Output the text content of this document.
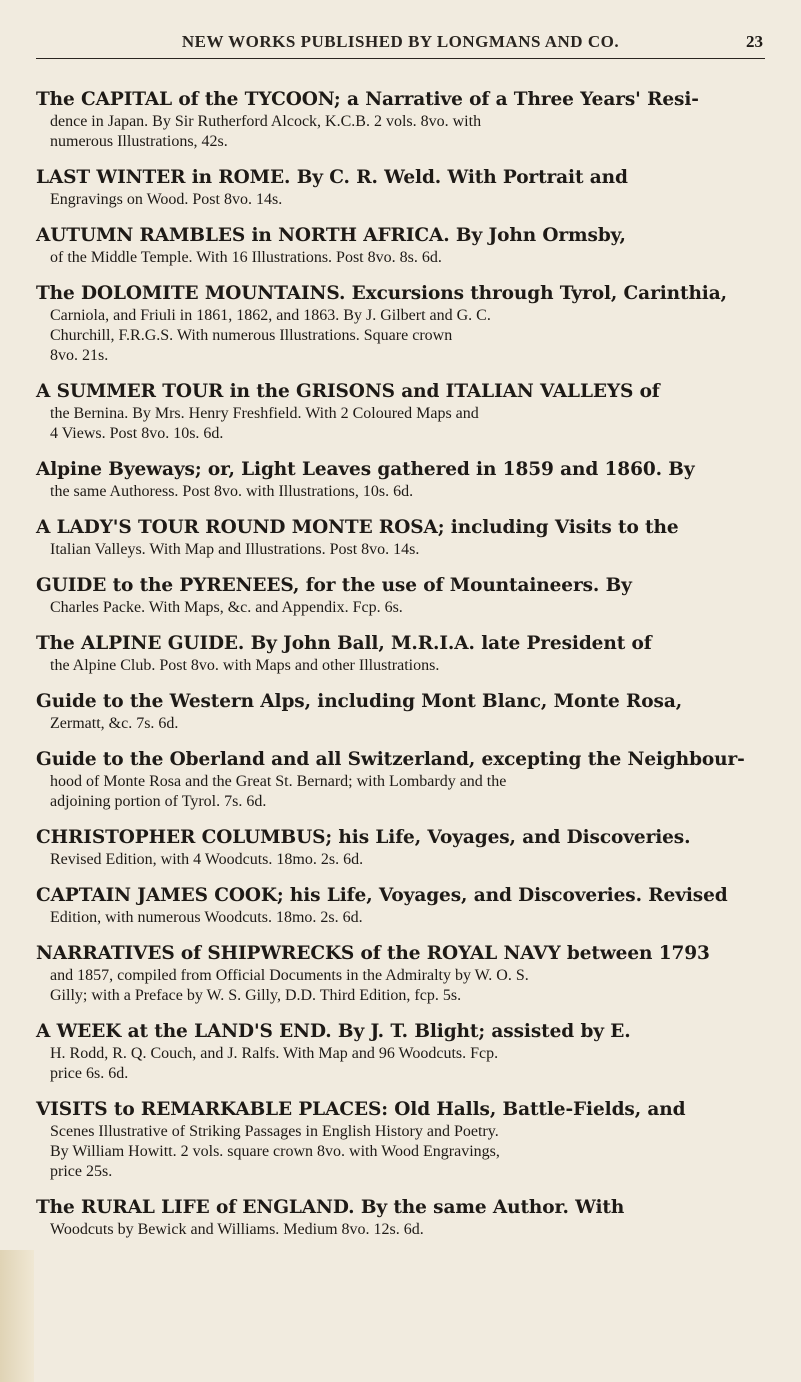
NEW WORKS PUBLISHED BY LONGMANS AND CO.	23
The CAPITAL of the TYCOON; a Narrative of a Three Years' Resi-
dence in Japan. By Sir Rutherford Alcock, K.C.B. 2 vols. 8vo. with
numerous Illustrations, 42s.
LAST WINTER in ROME. By C. R. Weld. With Portrait and
Engravings on Wood. Post 8vo. 14s.
AUTUMN RAMBLES in NORTH AFRICA. By John Ormsby,
of the Middle Temple. With 16 Illustrations. Post 8vo. 8s. 6d.
The DOLOMITE MOUNTAINS. Excursions through Tyrol, Carinthia,
Carniola, and Friuli in 1861, 1862, and 1863. By J. Gilbert and G. C.
Churchill, F.R.G.S. With numerous Illustrations. Square crown
8vo. 21s.
A SUMMER TOUR in the GRISONS and ITALIAN VALLEYS of
the Bernina. By Mrs. Henry Freshfield. With 2 Coloured Maps and
4 Views. Post 8vo. 10s. 6d.
Alpine Byeways; or, Light Leaves gathered in 1859 and 1860. By
the same Authoress. Post 8vo. with Illustrations, 10s. 6d.
A LADY'S TOUR ROUND MONTE ROSA; including Visits to the
Italian Valleys. With Map and Illustrations. Post 8vo. 14s.
GUIDE to the PYRENEES, for the use of Mountaineers. By
Charles Packe. With Maps, &c. and Appendix. Fcp. 6s.
The ALPINE GUIDE. By John Ball, M.R.I.A. late President of
the Alpine Club. Post 8vo. with Maps and other Illustrations.
Guide to the Western Alps, including Mont Blanc, Monte Rosa,
Zermatt, &c. 7s. 6d.
Guide to the Oberland and all Switzerland, excepting the Neighbour-
hood of Monte Rosa and the Great St. Bernard; with Lombardy and the
adjoining portion of Tyrol. 7s. 6d.
CHRISTOPHER COLUMBUS; his Life, Voyages, and Discoveries.
Revised Edition, with 4 Woodcuts. 18mo. 2s. 6d.
CAPTAIN JAMES COOK; his Life, Voyages, and Discoveries. Revised
Edition, with numerous Woodcuts. 18mo. 2s. 6d.
NARRATIVES of SHIPWRECKS of the ROYAL NAVY between 1793
and 1857, compiled from Official Documents in the Admiralty by W. O. S.
Gilly; with a Preface by W. S. Gilly, D.D. Third Edition, fcp. 5s.
A WEEK at the LAND'S END. By J. T. Blight; assisted by E.
H. Rodd, R. Q. Couch, and J. Ralfs. With Map and 96 Woodcuts. Fcp.
price 6s. 6d.
VISITS to REMARKABLE PLACES: Old Halls, Battle-Fields, and
Scenes Illustrative of Striking Passages in English History and Poetry.
By William Howitt. 2 vols. square crown 8vo. with Wood Engravings,
price 25s.
The RURAL LIFE of ENGLAND. By the same Author. With
Woodcuts by Bewick and Williams. Medium 8vo. 12s. 6d.
